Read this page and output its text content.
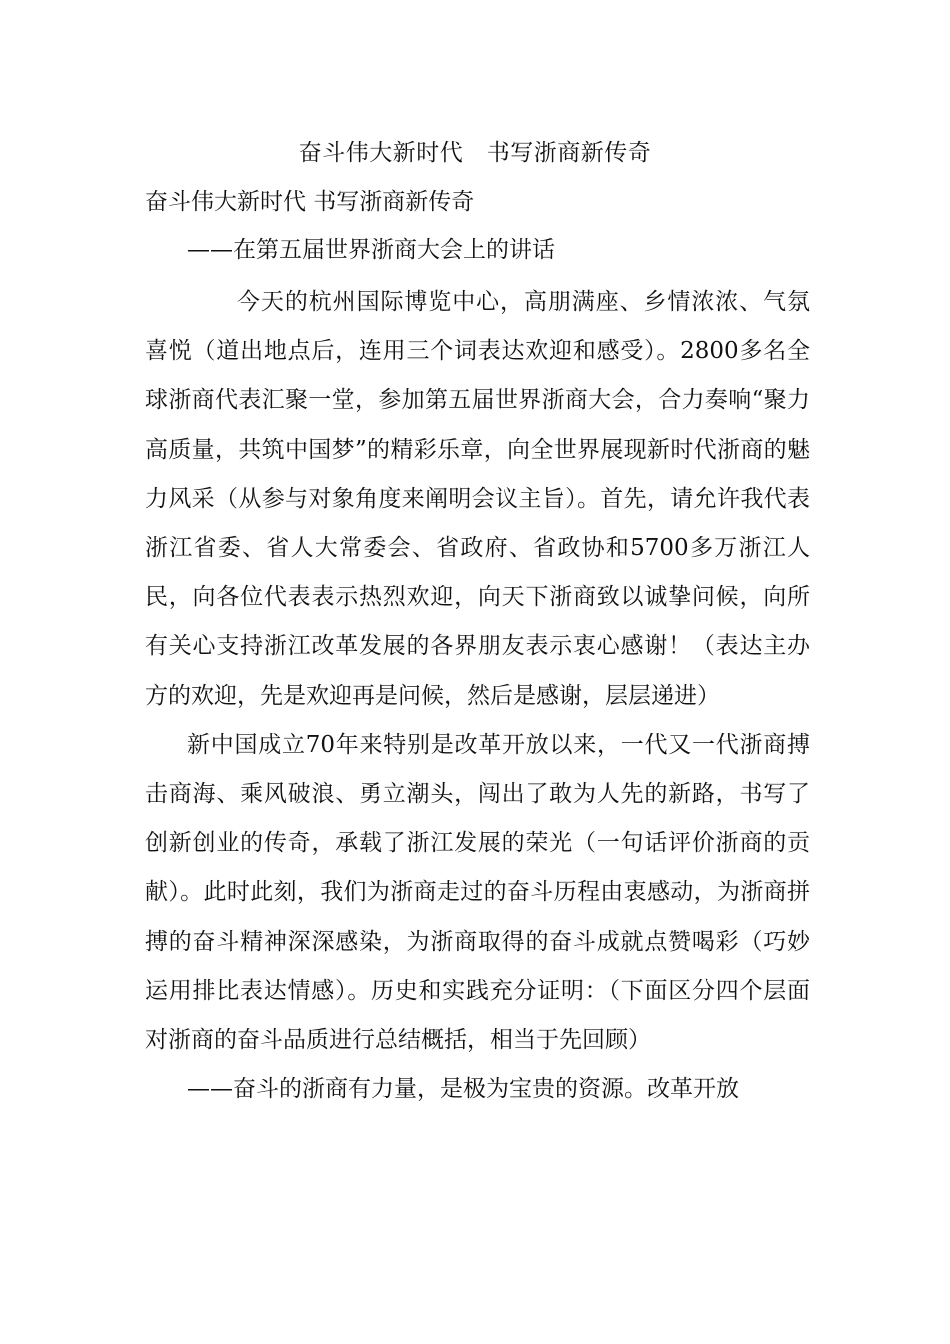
奋斗伟大新时代　书写浙商新传奇
奋斗伟大新时代 书写浙商新传奇
——在第五届世界浙商大会上的讲话

今天的杭州国际博览中心，高朋满座、乡情浓浓、气氛喜悦（道出地点后，连用三个词表达欢迎和感受）。2800多名全球浙商代表汇聚一堂，参加第五届世界浙商大会，合力奏响“聚力高质量，共筑中国梦”的精彩乐章，向全世界展现新时代浙商的魅力风采（从参与对象角度来阐明会议主旨）。首先，请允许我代表浙江省委、省人大常委会、省政府、省政协和5700多万浙江人民，向各位代表表示热烈欢迎，向天下浙商致以诚挚问候，向所有关心支持浙江改革发展的各界朋友表示衷心感谢！（表达主办方的欢迎，先是欢迎再是问候，然后是感谢，层层递进）

新中国成立70年来特别是改革开放以来，一代又一代浙商搏击商海、乘风破浪、勇立潮头，闯出了敢为人先的新路，书写了创新创业的传奇，承载了浙江发展的荣光（一句话评价浙商的贡献）。此时此刻，我们为浙商走过的奋斗历程由衷感动，为浙商拼搏的奋斗精神深深感染，为浙商取得的奋斗成就点赞喝彩（巧妙运用排比表达情感）。历史和实践充分证明：（下面区分四个层面对浙商的奋斗品质进行总结概括，相当于先回顾）

——奋斗的浙商有力量，是极为宝贵的资源。改革开放
